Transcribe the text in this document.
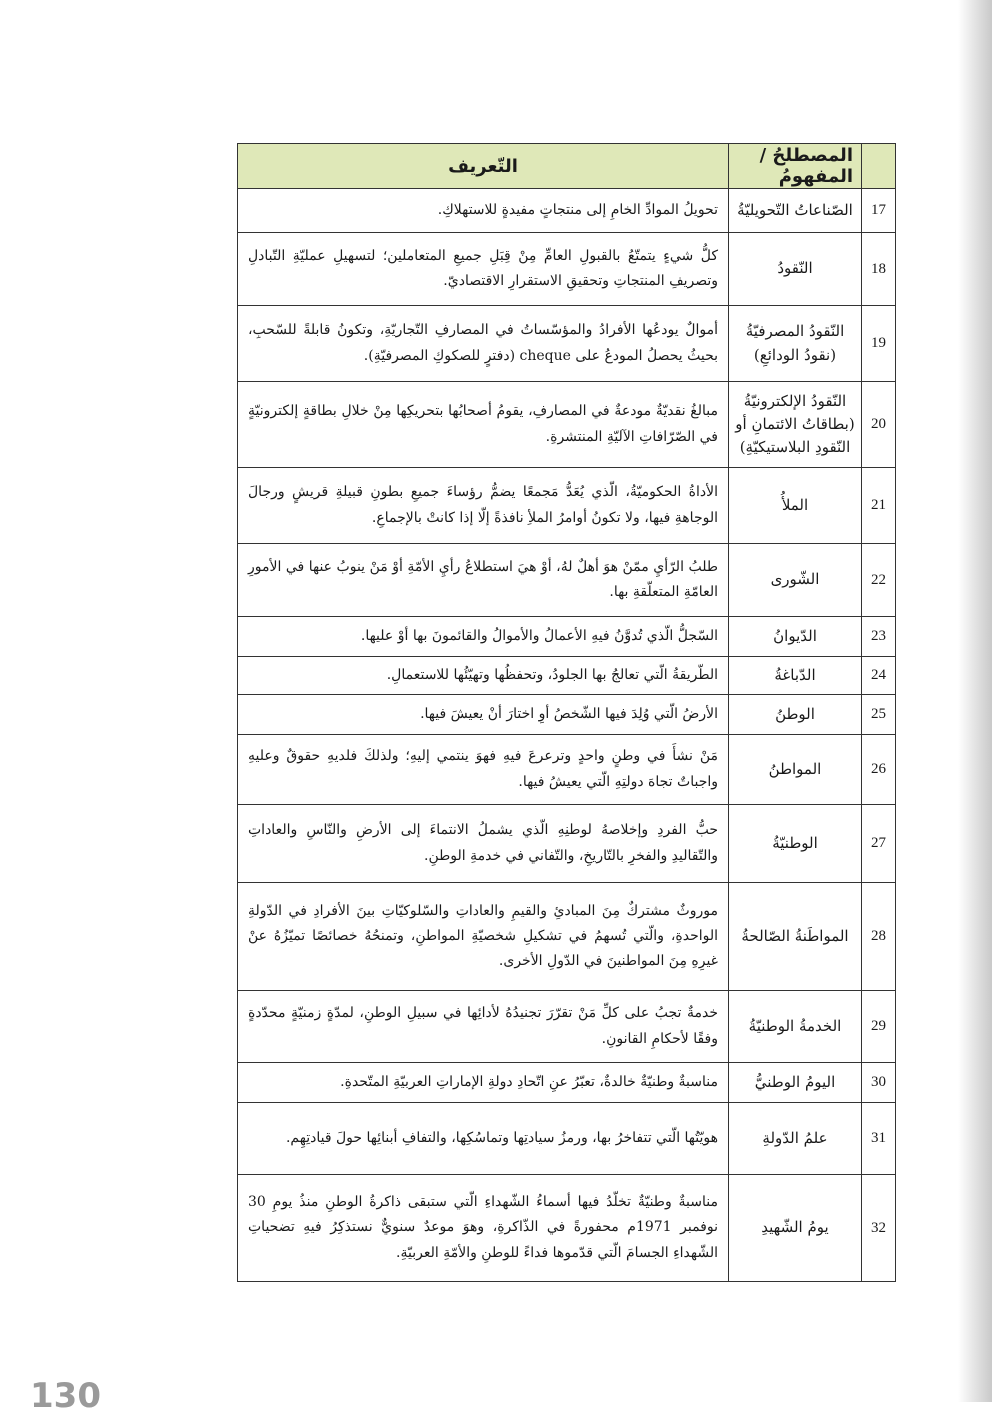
	المصطلحُ / المفهومُ	التّعريف
17	الصّناعاتُ التّحويليّةُ	تحويلُ الموادِّ الخامِ إلى منتجاتٍ مفيدةٍ للاستهلاكِ.
18	النّقودُ	كلُّ شيءٍ يتمتّعُ بالقبولِ العامِّ مِنْ قِبَلِ جميعِ المتعاملين؛ لتسهيلِ عمليّةِ التّبادلِ وتصريفِ المنتجاتِ وتحقيقِ الاستقرارِ الاقتصاديّ.
19	النّقودُ المصرفيّةُ (نقودُ الودائعِ)	أموالٌ يودعُها الأفرادُ والمؤسّساتُ في المصارفِ التّجاريّةِ، وتكونُ قابلةً للسّحبِ، بحيثُ يحصلُ المودعُ على cheque (دفترٍ للصكوكِ المصرفيّةِ).
20	النّقودُ الإلكترونيّةُ (بطاقاتُ الائتمانِ أو النّقودِ البلاستيكيّةِ)	مبالغُ نقديّةٌ مودعةٌ في المصارفِ، يقومُ أصحابُها بتحريكِها مِنْ خلالِ بطاقةٍ إلكترونيّةٍ في الصّرّافاتِ الآليّةِ المنتشرةِ.
21	الملأُ	الأداةُ الحكوميّةُ، الّذي يُعَدُّ مَجمعًا يضمُّ رؤساءَ جميعِ بطونِ قبيلةِ قريشٍ ورجالَ الوجاهةِ فيها، ولا تكونُ أوامرُ الملأِ نافذةً إلّا إذا كانتْ بالإجماعِ.
22	الشّورى	طلبُ الرّأيِ ممّنْ هوَ أهلٌ لهُ، أوْ هيَ استطلاعُ رأيِ الأمّةِ أوْ مَنْ ينوبُ عنها في الأمورِ العامّةِ المتعلّقةِ بها.
23	الدّيوانُ	السّجلُّ الّذي تُدوَّنُ فيهِ الأعمالُ والأموالُ والقائمونَ بها أوْ عليها.
24	الدّباغةُ	الطّريقةُ الّتي تعالجُ بها الجلودُ، وتحفظُها وتهيّئُها للاستعمالِ.
25	الوطنُ	الأرضُ الّتي وُلِدَ فيها الشّخصُ أوِ اختارَ أنْ يعيشَ فيها.
26	المواطنُ	مَنْ نشأَ في وطنٍ واحدٍ وترعرعَ فيهِ فهوَ ينتمي إليهِ؛ ولذلكَ فلديهِ حقوقٌ وعليهِ واجباتٌ تجاهَ دولتِهِ الّتي يعيشُ فيها.
27	الوطنيّةُ	حبُّ الفردِ وإخلاصهُ لوطنِهِ الّذي يشملُ الانتماءَ إلى الأرضِ والنّاسِ والعاداتِ والتّقاليدِ والفخرِ بالتّاريخِ، والتّفاني في خدمةِ الوطنِ.
28	المواطَنةُ الصّالحةُ	موروثٌ مشتركٌ مِنَ المبادئِ والقيمِ والعاداتِ والسّلوكيّاتِ بينَ الأفرادِ في الدّولةِ الواحدةِ، والّتي تُسهمُ في تشكيلِ شخصيّةِ المواطنِ، وتمنحُهُ خصائصًا تميّزُهُ عنْ غيرِهِ مِنَ المواطنينَ في الدّولِ الأخرى.
29	الخدمةُ الوطنيّةُ	خدمةٌ تجبُ على كلِّ مَنْ تقرّرَ تجنيدُهُ لأدائِها في سبيلِ الوطنِ، لمدّةٍ زمنيّةٍ محدّدةٍ وفقًا لأحكامِ القانونِ.
30	اليومُ الوطنيُّ	مناسبةٌ وطنيّةٌ خالدةٌ، تعبّرُ عنِ اتّحادِ دولةِ الإماراتِ العربيّةِ المتّحدةِ.
31	علمُ الدّولةِ	هويّتُها الّتي تتفاخرُ بها، ورمزُ سيادتِها وتماسُكِها، والتفافِ أبنائِها حولَ قيادتِهِم.
32	يومُ الشّهيدِ	مناسبةٌ وطنيّةٌ تخلّدُ فيها أسماءُ الشّهداءِ الّتي ستبقى ذاكرةُ الوطنِ منذُ يومِ 30 نوفمبر 1971م محفورةً في الذّاكرةِ، وهوَ موعدٌ سنويٌّ نستذكِرُ فيهِ تضحياتِ الشّهداءِ الجسامَ الّتي قدّموها فداءً للوطنِ والأمّةِ العربيّةِ.
130
